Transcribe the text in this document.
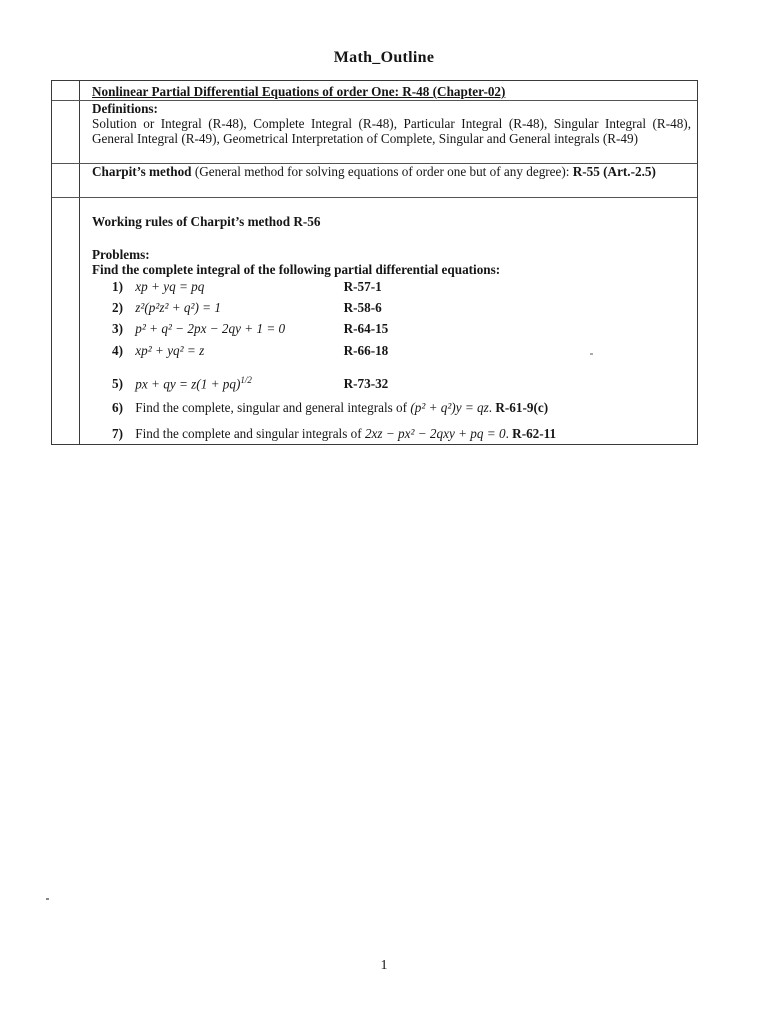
Math_Outline
Nonlinear Partial Differential Equations of order One: R-48 (Chapter-02)
Definitions:
Solution or Integral (R-48), Complete Integral (R-48), Particular Integral (R-48), Singular Integral (R-48), General Integral (R-49), Geometrical Interpretation of Complete, Singular and General integrals (R-49)
Charpit’s method (General method for solving equations of order one but of any degree): R-55 (Art.-2.5)
Working rules of Charpit’s method R-56
Problems:
Find the complete integral of the following partial differential equations:
1) xp + yq = pq	R-57-1
2) z²(p²z² + q²) = 1	R-58-6
3) p² + q² − 2px − 2qy + 1 = 0	R-64-15
4) xp² + yq² = z	R-66-18
5) px + qy = z(1 + pq)$^{1/2}$	R-73-32
6) Find the complete, singular and general integrals of (p² + q²)y = qz. R-61-9(c)
7) Find the complete and singular integrals of 2xz − px² − 2qxy + pq = 0. R-62-11
1
